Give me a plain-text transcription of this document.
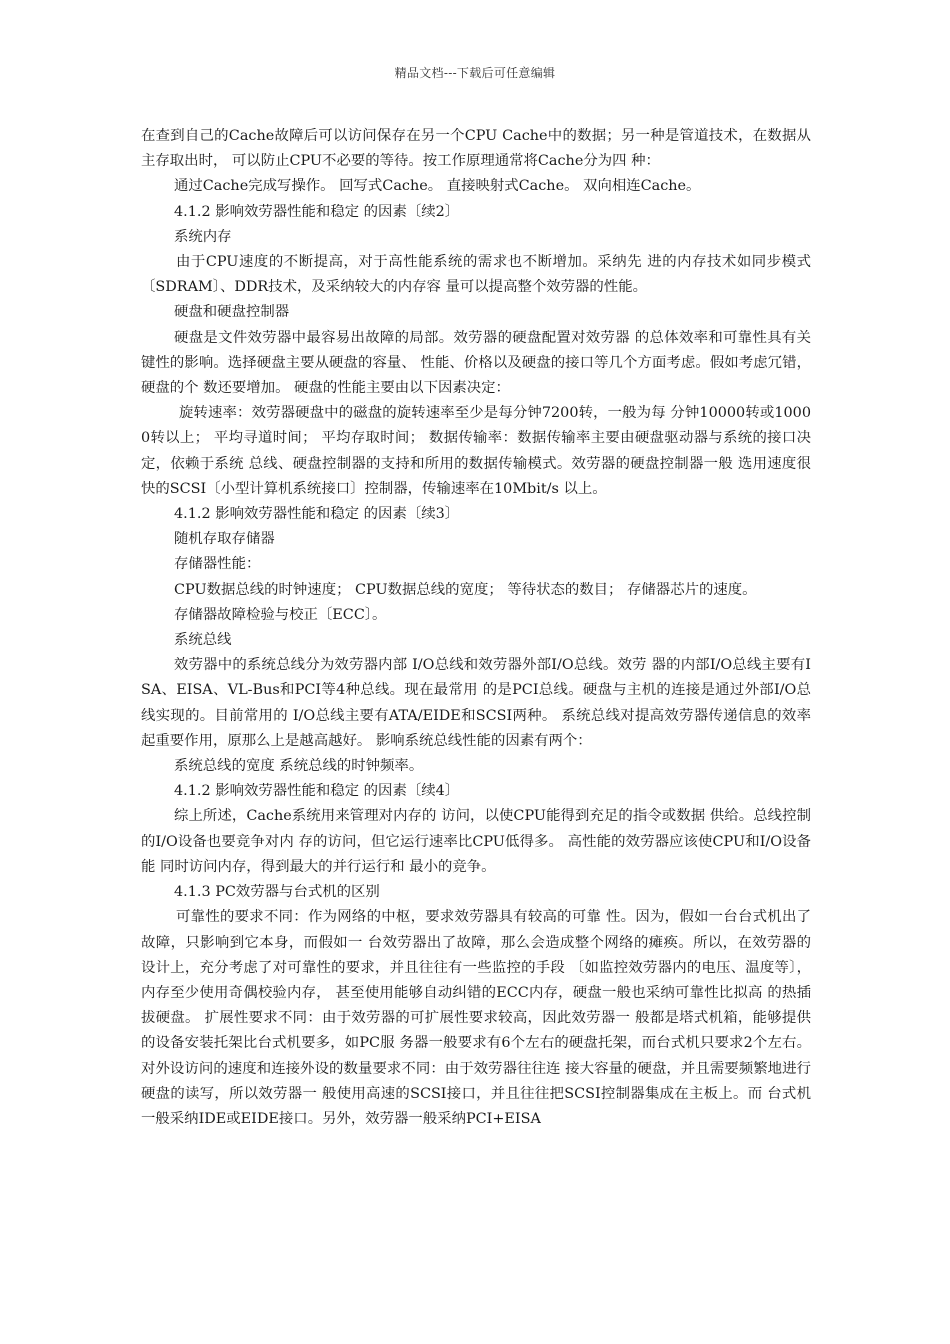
精品文档---下载后可任意编辑

在查到自己的Cache故障后可以访问保存在另一个CPU Cache中的数据；另一种是管道技术，在数据从主存取出时， 可以防止CPU不必要的等待。按工作原理通常将Cache分为四 种：

通过Cache完成写操作。 回写式Cache。 直接映射式Cache。 双向相连Cache。

4.1.2 影响效劳器性能和稳定 的因素〔续2〕

系统内存

由于CPU速度的不断提高，对于高性能系统的需求也不断增加。采纳先 进的内存技术如同步模式〔SDRAM〕、DDR技术，及采纳较大的内存容 量可以提高整个效劳器的性能。

硬盘和硬盘控制器

硬盘是文件效劳器中最容易出故障的局部。效劳器的硬盘配置对效劳器 的总体效率和可靠性具有关键性的影响。选择硬盘主要从硬盘的容量、 性能、价格以及硬盘的接口等几个方面考虑。假如考虑冗错，硬盘的个 数还要增加。 硬盘的性能主要由以下因素决定：

旋转速率：效劳器硬盘中的磁盘的旋转速率至少是每分钟7200转，一般为每 分钟10000转或10000转以上； 平均寻道时间； 平均存取时间； 数据传输率：数据传输率主要由硬盘驱动器与系统的接口决定，依赖于系统 总线、硬盘控制器的支持和所用的数据传输模式。效劳器的硬盘控制器一般 选用速度很快的SCSI〔小型计算机系统接口〕控制器，传输速率在10Mbit/s 以上。

4.1.2 影响效劳器性能和稳定 的因素〔续3〕

随机存取存储器

存储器性能：

CPU数据总线的时钟速度； CPU数据总线的宽度； 等待状态的数目； 存储器芯片的速度。

存储器故障检验与校正〔ECC〕。

系统总线

效劳器中的系统总线分为效劳器内部 I/O总线和效劳器外部I/O总线。效劳 器的内部I/O总线主要有ISA、EISA、VL-Bus和PCI等4种总线。现在最常用 的是PCI总线。硬盘与主机的连接是通过外部I/O总线实现的。目前常用的 I/O总线主要有ATA/EIDE和SCSI两种。 系统总线对提高效劳器传递信息的效率起重要作用，原那么上是越高越好。 影响系统总线性能的因素有两个：

系统总线的宽度 系统总线的时钟频率。

4.1.2 影响效劳器性能和稳定 的因素〔续4〕

综上所述，Cache系统用来管理对内存的 访问，以使CPU能得到充足的指令或数据 供给。总线控制的I/O设备也要竞争对内 存的访问，但它运行速率比CPU低得多。 高性能的效劳器应该使CPU和I/O设备能 同时访问内存，得到最大的并行运行和 最小的竞争。

4.1.3 PC效劳器与台式机的区别

可靠性的要求不同：作为网络的中枢，要求效劳器具有较高的可靠 性。因为，假如一台台式机出了故障，只影响到它本身，而假如一 台效劳器出了故障，那么会造成整个网络的瘫痪。所以，在效劳器的 设计上，充分考虑了对可靠性的要求，并且往往有一些监控的手段 〔如监控效劳器内的电压、温度等〕，内存至少使用奇偶校验内存， 甚至使用能够自动纠错的ECC内存，硬盘一般也采纳可靠性比拟高 的热插拔硬盘。 扩展性要求不同：由于效劳器的可扩展性要求较高，因此效劳器一 般都是塔式机箱，能够提供的设备安装托架比台式机要多，如PC服 务器一般要求有6个左右的硬盘托架，而台式机只要求2个左右。 对外设访问的速度和连接外设的数量要求不同：由于效劳器往往连 接大容量的硬盘，并且需要频繁地进行硬盘的读写，所以效劳器一 般使用高速的SCSI接口，并且往往把SCSI控制器集成在主板上。而 台式机一般采纳IDE或EIDE接口。另外，效劳器一般采纳PCI+EISA
